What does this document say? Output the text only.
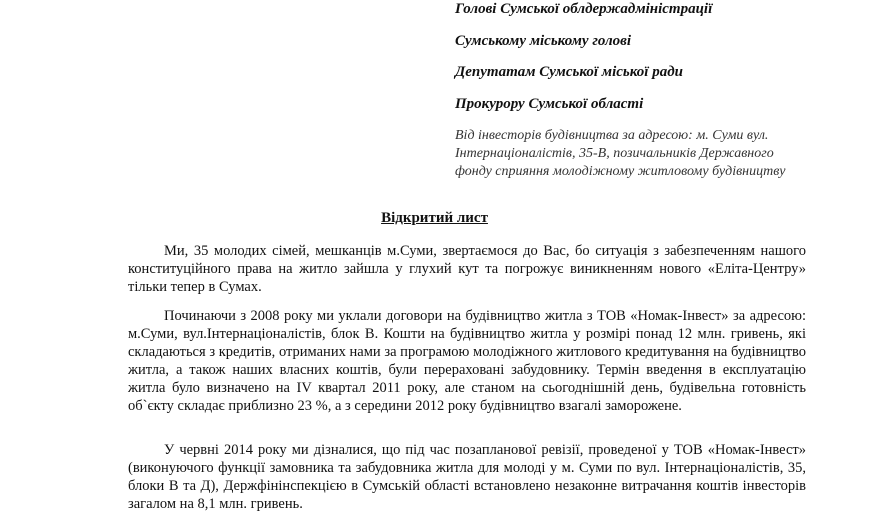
Голові Сумської облдержадміністрації
Сумському міському голові
Депутатам Сумської міської ради
Прокурору Сумської області
Від інвесторів будівництва за адресою: м. Суми вул. Інтернаціоналістів, 35-В, позичальників Державного фонду сприяння молодіжному житловому будівництву
Відкритий лист
Ми, 35 молодих сімей, мешканців м.Суми, звертаємося до Вас, бо ситуація з забезпеченням нашого конституційного права на житло зайшла у глухий кут та погрожує виникненням нового «Еліта-Центру» тільки тепер в Сумах.
Починаючи з 2008 року ми уклали договори на будівництво житла з ТОВ «Номак-Інвест» за адресою: м.Суми, вул.Інтернаціоналістів, блок В. Кошти на будівництво житла у розмірі понад 12 млн. гривень, які складаються з кредитів, отриманих нами за програмою молодіжного житлового кредитування на будівництво житла, а також наших власних коштів, були перераховані забудовнику. Термін введення в експлуатацію житла було визначено на IV квартал 2011 року, але станом на сьогоднішній день, будівельна готовність об`єкту складає приблизно 23 %, а з середини 2012 року будівництво взагалі заморожене.
У червні 2014 року ми дізналися, що під час позапланової ревізії, проведеної у ТОВ «Номак-Інвест» (виконуючого функції замовника та забудовника житла для молоді у м. Суми по вул. Інтернаціоналістів, 35, блоки В та Д), Держфінінспекцією в Сумській області встановлено незаконне витрачання коштів інвесторів загалом на 8,1 млн. гривень.
